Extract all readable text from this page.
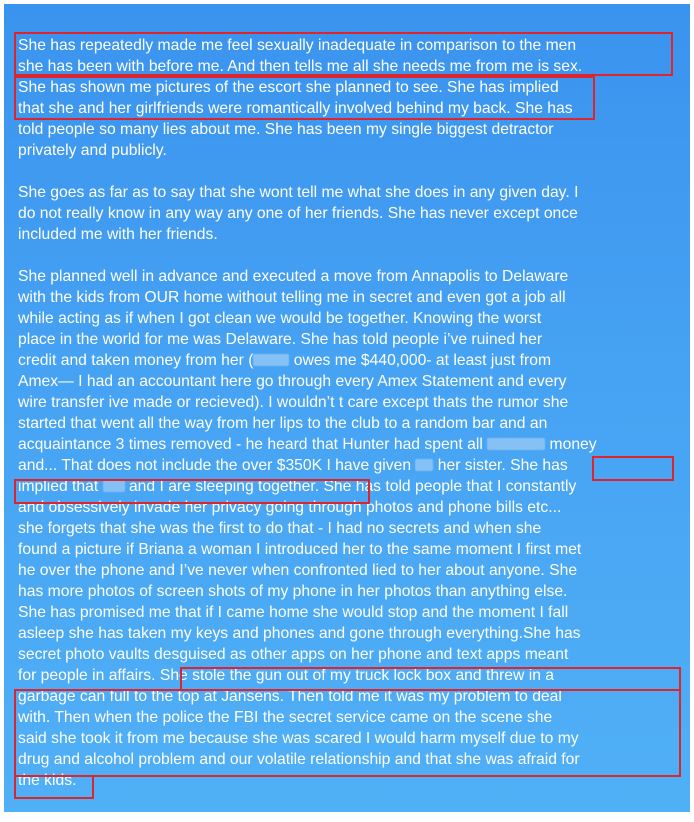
She has repeatedly made me feel sexually inadequate in comparison to the men
she has been with before me. And then tells me all she needs me from me is sex.
She has shown me pictures of the escort she planned to see. She has implied
that she and her girlfriends were romantically involved behind my back. She has
told people so many lies about me. She has been my single biggest detractor
privately and publicly.
She goes as far as to say that she wont tell me what she does in any given day. I
do not really know in any way any one of her friends. She has never except once
included me with her friends.
She planned well in advance and executed a move from Annapolis to Delaware
with the kids from OUR home without telling me in secret and even got a job all
while acting as if when I got clean we would be together. Knowing the worst
place in the world for me was Delaware. She has told people i’ve ruined her
credit and taken money from her ( owes me $440,000- at least just from
Amex— I had an accountant here go through every Amex Statement and every
wire transfer ive made or recieved). I wouldn’t t care except thats the rumor she
started that went all the way from her lips to the club to a random bar and an
acquaintance 3 times removed - he heard that Hunter had spent all	money
and... That does not include the over $350K I have given  her sister. She has
implied that  and I are sleeping together. She has told people that I constantly
and obsessively invade her privacy going through photos and phone bills etc...
she forgets that she was the first to do that - I had no secrets and when she
found a picture if Briana a woman I introduced her to the same moment I first met
he over the phone and I’ve never when confronted lied to her about anyone. She
has more photos of screen shots of my phone in her photos than anything else.
She has promised me that if I came home she would stop and the moment I fall
asleep she has taken my keys and phones and gone through everything.She has
secret photo vaults desguised as other apps on her phone and text apps meant
for people in affairs. She stole the gun out of my truck lock box and threw in a
garbage can full to the top at Jansens. Then told me it was my problem to deal
with. Then when the police the FBI the secret service came on the scene she
said she took it from me because she was scared I would harm myself due to my
drug and alcohol problem and our volatile relationship and that she was afraid for
the kids.
